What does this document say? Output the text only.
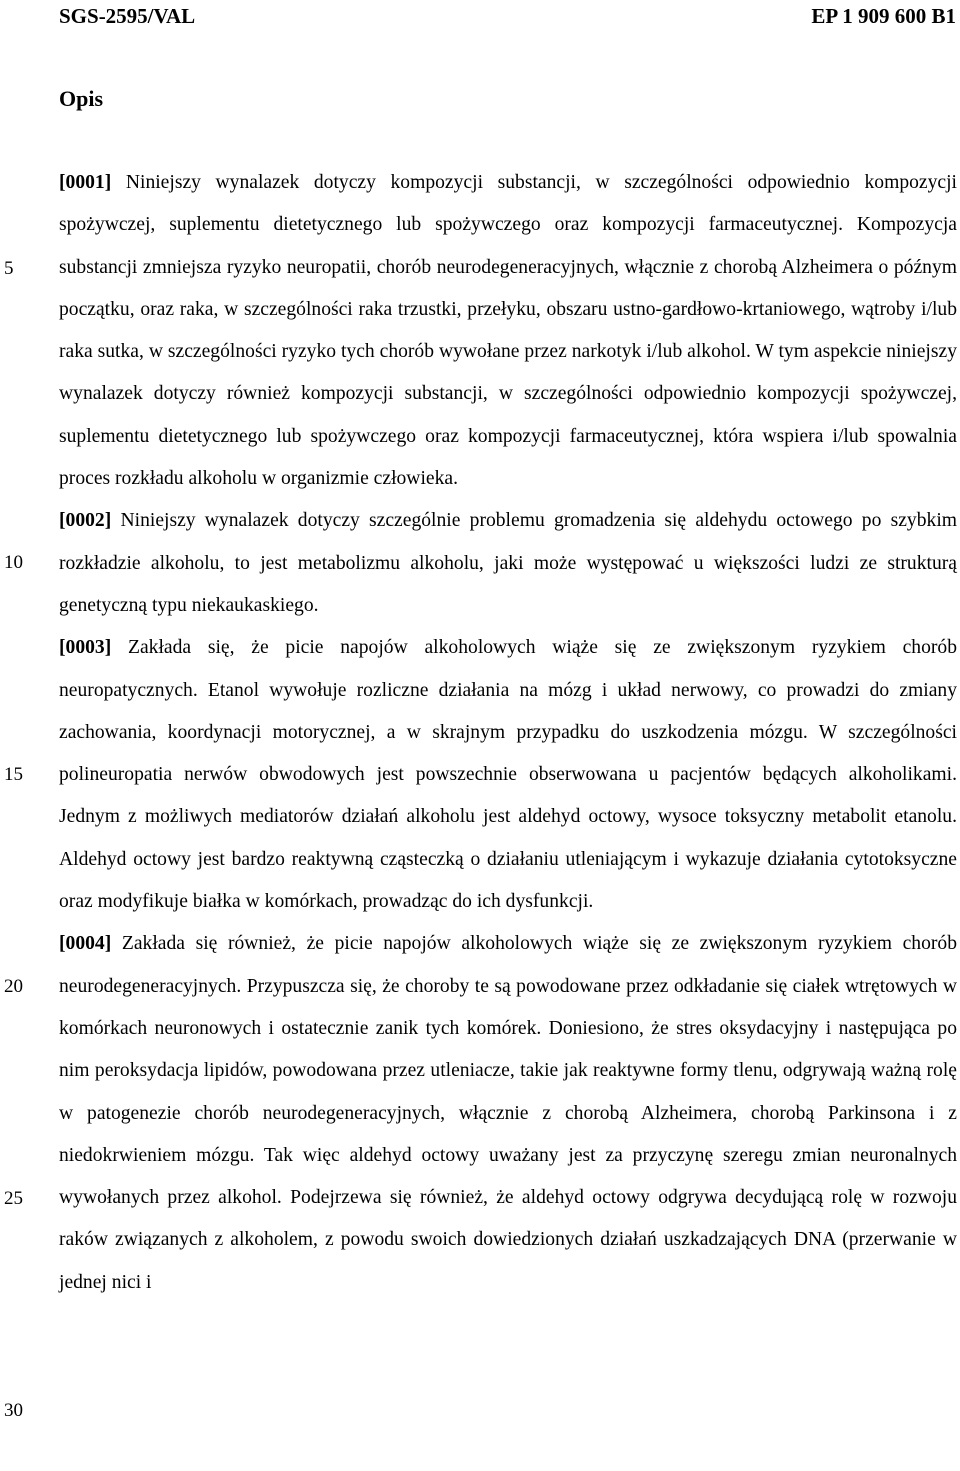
SGS-2595/VAL	EP 1 909 600 B1
Opis

[0001] Niniejszy wynalazek dotyczy kompozycji substancji, w szczególności odpowiednio kompozycji spożywczej, suplementu dietetycznego lub spożywczego oraz kompozycji farmaceutycznej. Kompozycja substancji zmniejsza ryzyko neuropatii, chorób neurodegeneracyjnych, włącznie z chorobą Alzheimera o późnym początku, oraz raka, w szczególności raka trzustki, przełyku, obszaru ustno-gardłowo-krtaniowego, wątroby i/lub raka sutka, w szczególności ryzyko tych chorób wywołane przez narkotyk i/lub alkohol. W tym aspekcie niniejszy wynalazek dotyczy również kompozycji substancji, w szczególności odpowiednio kompozycji spożywczej, suplementu dietetycznego lub spożywczego oraz kompozycji farmaceutycznej, która wspiera i/lub spowalnia proces rozkładu alkoholu w organizmie człowieka.

[0002] Niniejszy wynalazek dotyczy szczególnie problemu gromadzenia się aldehydu octowego po szybkim rozkładzie alkoholu, to jest metabolizmu alkoholu, jaki może występować u większości ludzi ze strukturą genetyczną typu niekaukaskiego.

[0003] Zakłada się, że picie napojów alkoholowych wiąże się ze zwiększonym ryzykiem chorób neuropatycznych. Etanol wywołuje rozliczne działania na mózg i układ nerwowy, co prowadzi do zmiany zachowania, koordynacji motorycznej, a w skrajnym przypadku do uszkodzenia mózgu. W szczególności polineuropatia nerwów obwodowych jest powszechnie obserwowana u pacjentów będących alkoholikami. Jednym z możliwych mediatorów działań alkoholu jest aldehyd octowy, wysoce toksyczny metabolit etanolu. Aldehyd octowy jest bardzo reaktywną cząsteczką o działaniu utleniającym i wykazuje działania cytotoksyczne oraz modyfikuje białka w komórkach, prowadząc do ich dysfunkcji.

[0004] Zakłada się również, że picie napojów alkoholowych wiąże się ze zwiększonym ryzykiem chorób neurodegeneracyjnych. Przypuszcza się, że choroby te są powodowane przez odkładanie się ciałek wtrętowych w komórkach neuronowych i ostatecznie zanik tych komórek. Doniesiono, że stres oksydacyjny i następująca po nim peroksydacja lipidów, powodowana przez utleniacze, takie jak reaktywne formy tlenu, odgrywają ważną rolę w patogenezie chorób neurodegeneracyjnych, włącznie z chorobą Alzheimera, chorobą Parkinsona i z niedokrwieniem mózgu. Tak więc aldehyd octowy uważany jest za przyczynę szeregu zmian neuronalnych wywołanych przez alkohol. Podejrzewa się również, że aldehyd octowy odgrywa decydującą rolę w rozwoju raków związanych z alkoholem, z powodu swoich dowiedzionych działań uszkadzających DNA (przerwanie w jednej nici i

5
10
15
20
25
30
